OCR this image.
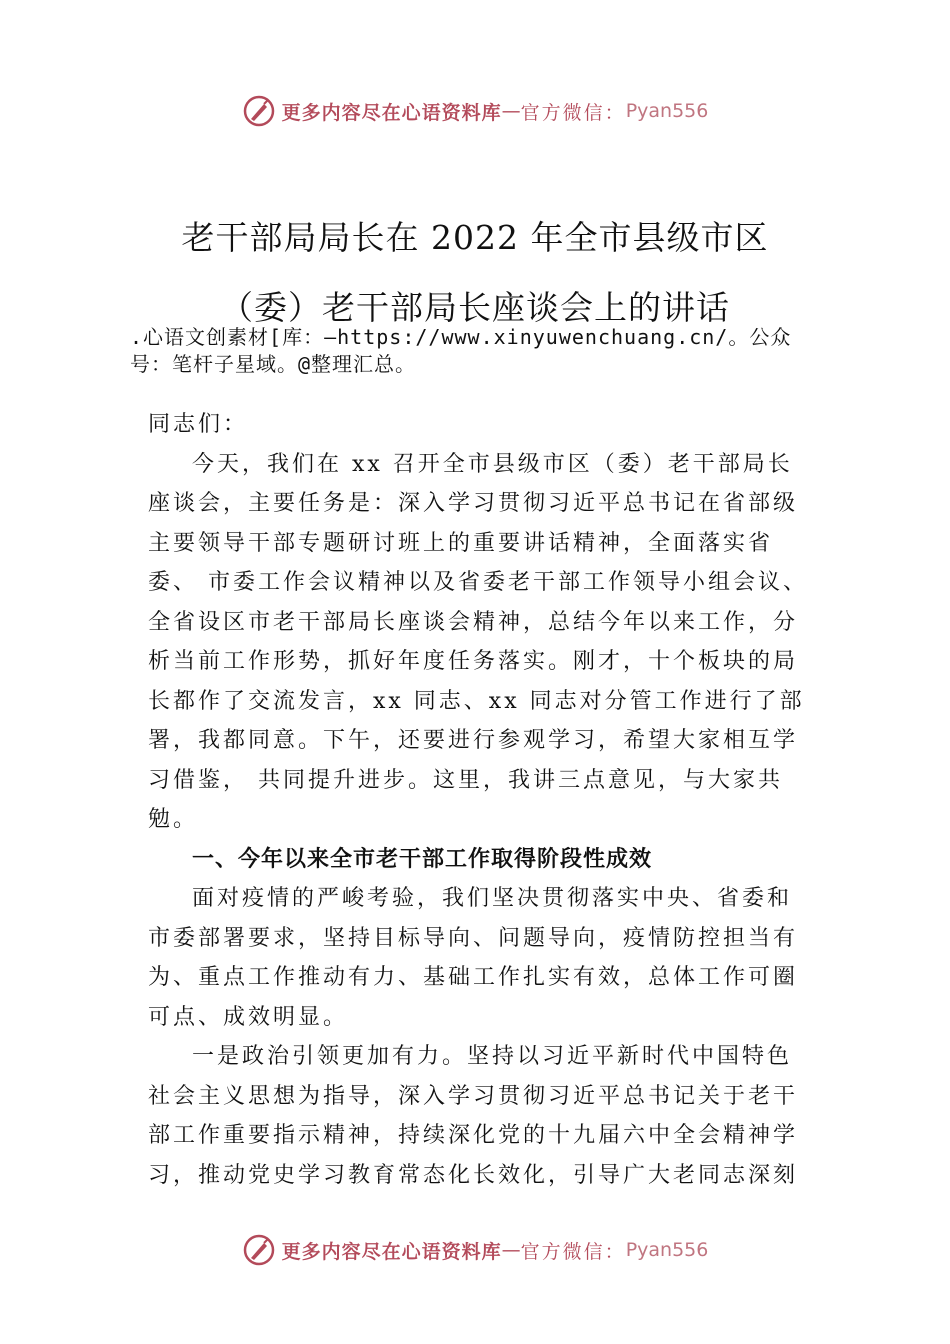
更多内容尽在心语资料库 — 官方微信： Pyan556
老干部局局长在 2022 年全市县级市区
（委）老干部局长座谈会上的讲话
.心语文创素材[库：—https://www.xinyuwenchuang.cn/。公众号：笔杆子星域。@整理汇总。

同志们：

今天，我们在 xx 召开全市县级市区（委）老干部局长座谈会，主要任务是：深入学习贯彻习近平总书记在省部级主要领导干部专题研讨班上的重要讲话精神，全面落实省委、 市委工作会议精神以及省委老干部工作领导小组会议、全省设区市老干部局长座谈会精神，总结今年以来工作，分析当前工作形势，抓好年度任务落实。刚才，十个板块的局长都作了交流发言，xx 同志、xx 同志对分管工作进行了部署，我都同意。下午，还要进行参观学习，希望大家相互学习借鉴， 共同提升进步。这里，我讲三点意见，与大家共勉。

一、今年以来全市老干部工作取得阶段性成效

面对疫情的严峻考验，我们坚决贯彻落实中央、省委和市委部署要求，坚持目标导向、问题导向，疫情防控担当有为、重点工作推动有力、基础工作扎实有效，总体工作可圈可点、成效明显。

一是政治引领更加有力。坚持以习近平新时代中国特色社会主义思想为指导，深入学习贯彻习近平总书记关于老干部工作重要指示精神，持续深化党的十九届六中全会精神学习，推动党史学习教育常态化长效化，引导广大老同志深刻

更多内容尽在心语资料库 — 官方微信： Pyan556
